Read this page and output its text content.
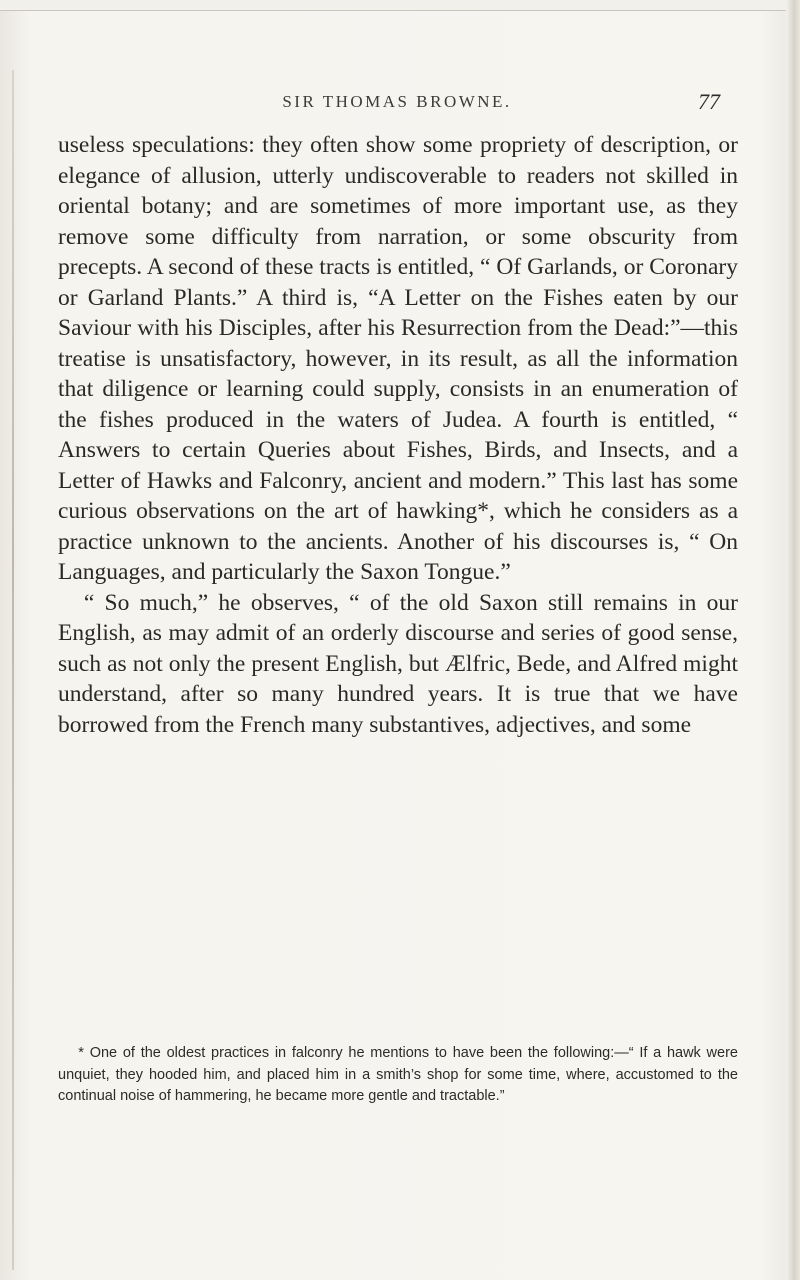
SIR THOMAS BROWNE.	77

useless speculations: they often show some propriety of description, or elegance of allusion, utterly undiscoverable to readers not skilled in oriental botany; and are sometimes of more important use, as they remove some difficulty from narration, or some obscurity from precepts. A second of these tracts is entitled, “ Of Garlands, or Coronary or Garland Plants.” A third is, “A Letter on the Fishes eaten by our Saviour with his Disciples, after his Resurrection from the Dead:”—this treatise is unsatisfactory, however, in its result, as all the information that diligence or learning could supply, consists in an enumeration of the fishes produced in the waters of Judea. A fourth is entitled, “ Answers to certain Queries about Fishes, Birds, and Insects, and a Letter of Hawks and Falconry, ancient and modern.” This last has some curious observations on the art of hawking*, which he considers as a practice unknown to the ancients. Another of his discourses is, “ On Languages, and particularly the Saxon Tongue.”

“ So much,” he observes, “ of the old Saxon still remains in our English, as may admit of an orderly discourse and series of good sense, such as not only the present English, but Ælfric, Bede, and Alfred might understand, after so many hundred years. It is true that we have borrowed from the French many substantives, adjectives, and some

* One of the oldest practices in falconry he mentions to have been the following:—“ If a hawk were unquiet, they hooded him, and placed him in a smith’s shop for some time, where, accustomed to the continual noise of hammering, he became more gentle and tractable.”
